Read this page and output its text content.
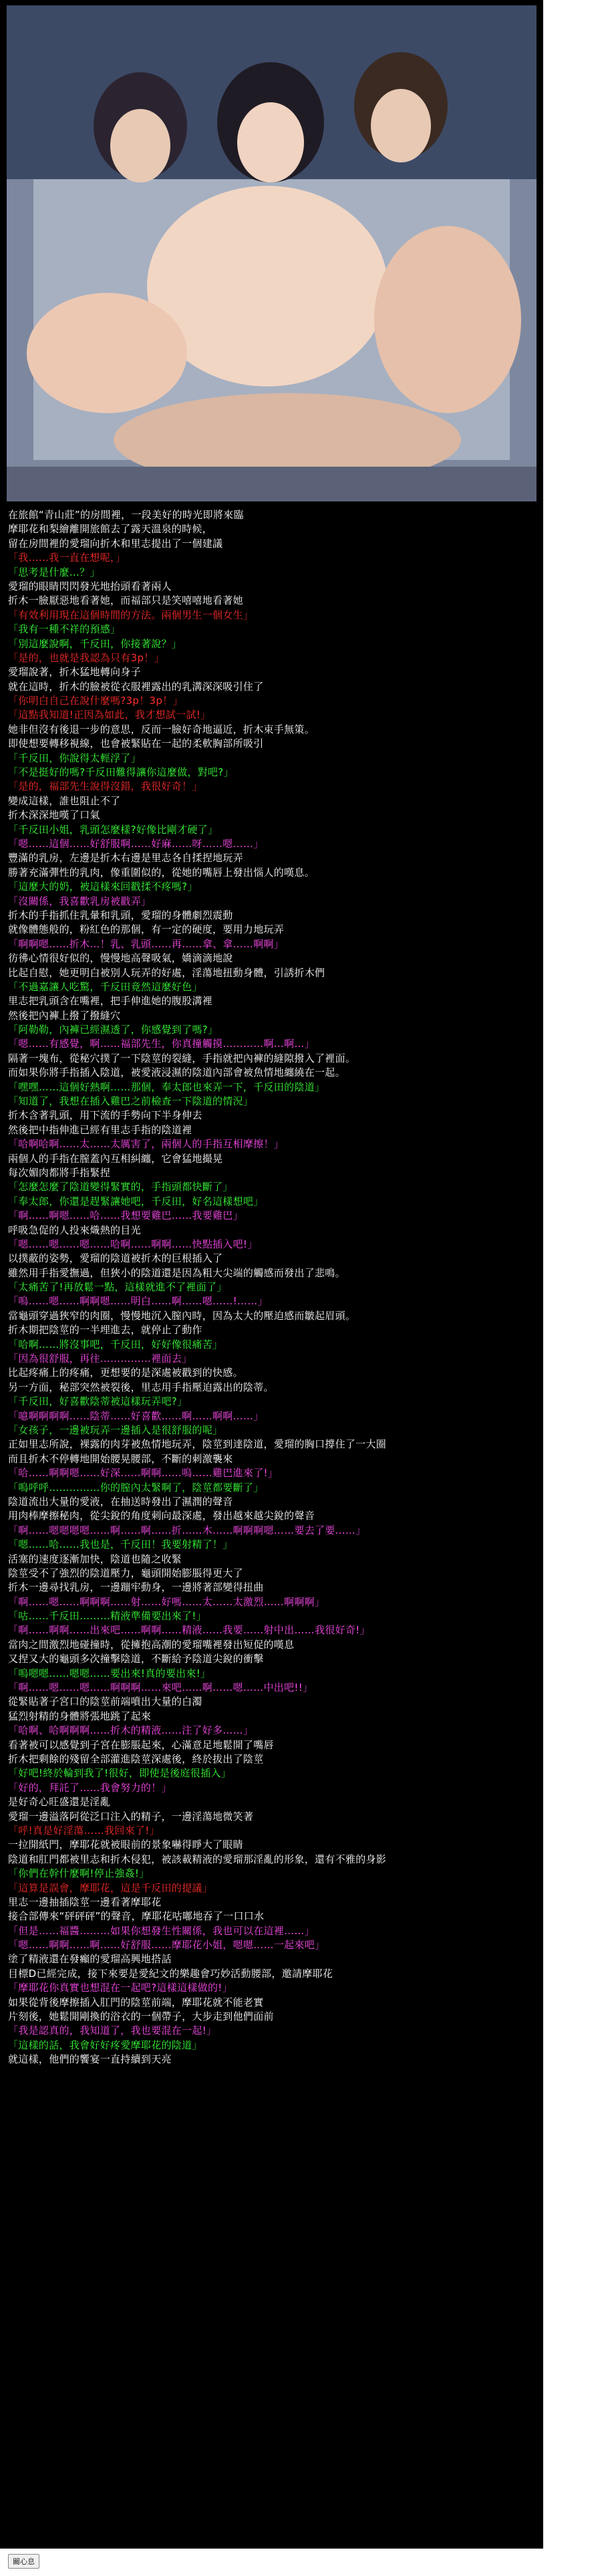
在旅館“青山莊”的房間裡，一段美好的時光即將來臨
摩耶花和梨繪離開旅館去了露天溫泉的時候，
留在房間裡的愛瑠向折木和里志提出了一個建議
「我……我一直在想呢，」
「思考是什麼…？」
愛瑠的眼睛閃閃發光地抬頭看著兩人
折木一臉厭惡地看著她，而福部只是笑嘻嘻地看著她
「有效利用現在這個時間的方法。兩個男生一個女生」
「我有一種不祥的預感」
「別這麼說啊，千反田，你接著說？」
「是的，也就是我認為只有3p！」
愛瑠說著，折木猛地轉向身子
就在這時，折木的臉被從衣服裡露出的乳溝深深吸引住了
「你明白自己在說什麼嗎?3p！3p！」
「這點我知道!正因為如此，我才想試一試!」
她非但沒有後退一步的意思，反而一臉好奇地逼近，折木束手無策。
即使想要轉移視線，也會被緊貼在一起的柔軟胸部所吸引
「千反田，你說得太輕浮了」
「不是挺好的嗎?千反田難得讓你這麼做，對吧?」
「是的，福部先生說得沒錯，我很好奇！」
變成這樣，誰也阻止不了
折木深深地嘆了口氣
「千反田小姐，乳頭怎麼樣?好像比剛才硬了」
「嗯……這個……好舒服啊……好麻……呀……嗯……」
豐滿的乳房，左邊是折木右邊是里志各自揉捏地玩弄
勝著充滿彈性的乳肉，像重圍似的，從她的嘴唇上發出惱人的嘆息。
「這麼大的奶，被這樣來回戳揉不疼嗎?」
「沒關係，我喜歡乳房被戳弄」
折木的手指抓住乳暈和乳頭，愛瑠的身體劇烈震動
就像體態般的，粉紅色的那個，有一定的硬度，要用力地玩弄
「啊啊嗯……折木…！乳、乳頭……再……拿、拿……啊啊」
彷彿心情很好似的，慢慢地高聲吸氣，嬌滴滴地說
比起自慰，她更明白被別人玩弄的好處，淫蕩地扭動身體，引誘折木們
「不過嘉讓人吃驚，千反田竟然這麼好色」
里志把乳頭含在嘴裡，把手伸進她的腹股溝裡
然後把內褲上撥了撥縫穴
「阿勒勒，內褲已經濕透了，你感覺到了嗎?」
「嗯……有感覺，啊……福部先生，你真撞觸摸…………啊…啊…」
隔著一塊布，從秘穴撲了一下陰莖的裂縫，手指就把內褲的縫隙撥入了裡面。
而如果你將手指插入陰道，被愛液浸濕的陰道內部會被魚情地纏繞在一起。
「嘿嘿……這個好熱啊……那個，奉太郎也來弄一下，千反田的陰道」
「知道了，我想在插入雞巴之前檢查一下陰道的情況」
折木含著乳頭，用下流的手勢向下半身伸去
然後把中指伸進已經有里志手指的陰道裡
「哈啊哈啊……太……太厲害了，兩個人的手指互相摩擦！」
兩個人的手指在膣蓋內互相糾纏，它會猛地撮晃
每次媚肉都將手指緊捏
「怎麼怎麼了陰道變得緊實的，手指頭都快斷了」
「奉太郎，你還是趕緊讓她吧，千反田，好名這樣想吧」
「啊……啊嗯……哈……我想要雞巴……我要雞巴」
呼吸急促的人投來熾熱的目光
「嗯……嗯……嗯……哈啊……啊啊……快點插入吧!」
以撲蔽的姿勢，愛瑠的陰道被折木的巨根插入了
雖然用手指愛撫過，但狹小的陰道還是因為粗大尖端的觸感而發出了悲鳴。
「太痛苦了!再放鬆一點，這樣就進不了裡面了」
「嗚……嗯……啊啊嗯……明白……啊……嗯……!……」
當龜頭穿過狹窄的肉圈，慢慢地沉入膣內時，因為太大的壓迫感而皺起眉頭。
折木期把陰莖的一半埋進去，就停止了動作
「哈啊……將沒事吧，千反田，好好像很痛苦」
「因為很舒服，再往……………裡面去」
比起疼痛上的疼痛，更想要的是深處被戳到的快感。
另一方面，秘部突然被裂後，里志用手指壓迫露出的陰蒂。
「千反田，好喜歡陰蒂被這樣玩弄吧?」
「噫啊啊啊啊……陰蒂……好喜歡……啊……啊啊……」
「女孩子，一邊被玩弄一邊插入是很舒服的呢」
正如里志所說，裸露的肉芽被魚情地玩弄，陰莖到達陰道，愛瑠的胸口撐住了一大圈
而且折木不停轉地開始腰晃腰部，不斷的刺激襲來
「哈……啊啊嗯……好深……啊啊……嗚……雞巴進來了!」
「嗚呼呼……………你的膣內太緊啊了，陰莖都要斷了」
陰道流出大量的愛液，在抽送時發出了濕潤的聲音
用肉棒摩擦秘肉，從尖銳的角度刺向最深處，發出越來越尖銳的聲音
「啊……嗯嗯嗯嗯……啊……啊……折……木……啊啊啊嗯……要去了要……」
「嗯……哈……我也是，千反田！我要射精了！」
活塞的速度逐漸加快，陰道也隨之收緊
陰莖受不了強烈的陰道壓力，龜頭開始膨脹得更大了
折木一邊尋找乳房，一邊蹦牢動身，一邊將著部變得扭曲
「啊……嗯……啊啊啊……射……好嗎……太……太激烈……啊啊啊」
「咕……千反田………精液準備要出來了!」
「啊……啊啊……出來吧……啊啊……精液……我要……射中出……我很好奇!」
當肉之間激烈地碰撞時，從擁抱高潮的愛瑠嘴裡發出短促的嘆息
又捏又大的龜頭多次撞擊陰道，不斷給予陰道尖銳的衝擊
「嗚嗯嗯……嗯嗯……要出來!真的要出來!」
「啊……嗯……嗯……啊啊啊……來吧……啊……嗯……中出吧!!」
從緊貼著子宮口的陰莖前端噴出大量的白濁
猛烈射精的身體將張地跳了起來
「哈啊、哈啊啊啊……折木的精液……注了好多……」
看著被可以感覺到子宮在膨脹起來，心滿意足地鬆開了嘴唇
折木把剩餘的殘留全部灌進陰莖深處後，終於拔出了陰莖
「好吧!終於輪到我了!很好，即使是後庭很插入」
「好的，拜託了……我會努力的！」
是好奇心旺盛還是淫亂
愛瑠一邊溢落阿從泛口注入的精子，一邊淫蕩地微笑著
「呼!真是好淫蕩……我回來了!」
一拉開紙門，摩耶花就被眼前的景象嚇得睜大了眼睛
陰道和肛門都被里志和折木侵犯，被該載精液的愛瑠那淫亂的形象，還有不雅的身影
「你們在幹什麼啊!停止強姦!」
「這算是誤會，摩耶花，這是千反田的提議」
里志一邊抽插陰莖一邊看著摩耶花
接合部傳來“砰砰砰”的聲音，摩耶花咕嘟地吞了一口口水
「但是……福醬………如果你想發生性關係，我也可以在這裡……」
「嗯……啊啊……啊……好舒服……摩耶花小姐，嗯嗯……一起來吧」
塗了精液還在發癲的愛瑠高興地搭話
目標D已經完成，接下來要是愛紀文的樂趣會巧妙活動腰部，邀請摩耶花
「摩耶花你真實也想混在一起吧?這樣這樣做的!」
如果從背後摩擦插入肛門的陰莖前端，摩耶花就不能老實
片刻後，她鬆開剛換的浴衣的一個帶子，大步走到他們面前
「我是認真的，我知道了，我也要混在一起!」
「這樣的話，我會好好疼愛摩耶花的陰道」
就這樣，他們的饗宴一直持續到天亮
關心息
